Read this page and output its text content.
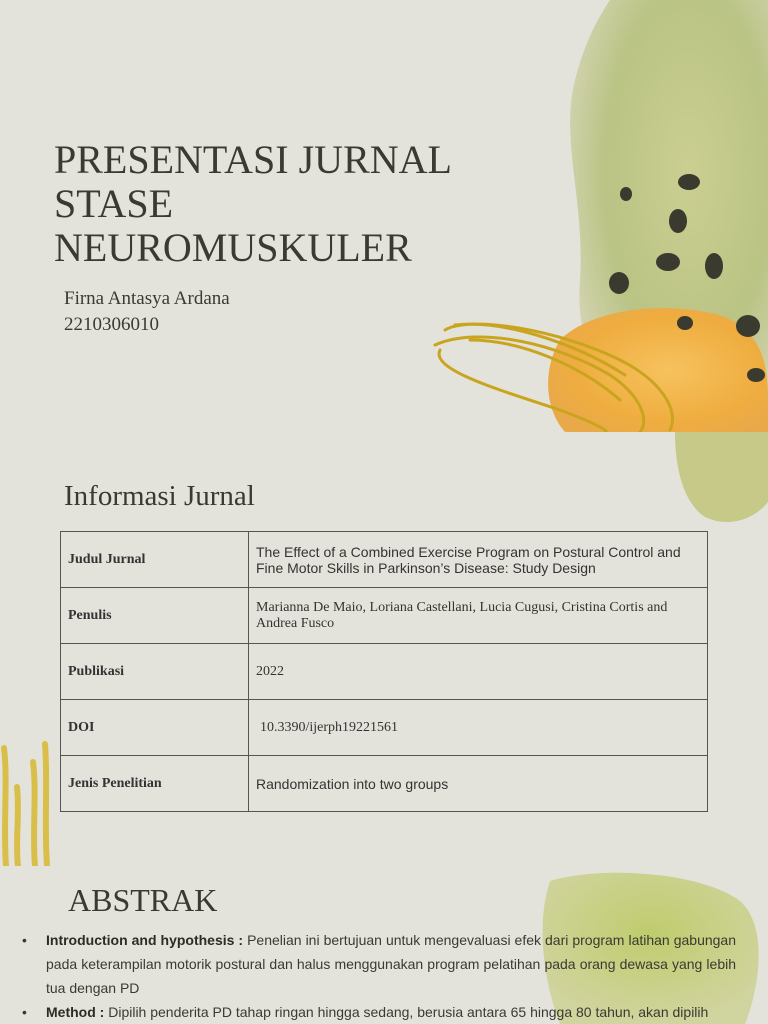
PRESENTASI JURNAL
STASE
NEUROMUSKULER
Firna Antasya Ardana
2210306010
Informasi Jurnal
Judul Jurnal	The Effect of a Combined Exercise Program on Postural Control and Fine Motor Skills in Parkinson’s Disease: Study Design
Penulis	Marianna De Maio, Loriana Castellani, Lucia Cugusi, Cristina Cortis and Andrea Fusco
Publikasi	2022
DOI	10.3390/ijerph19221561
Jenis Penelitian	Randomization into two groups
ABSTRAK
• Introduction and hypothesis : Penelian ini bertujuan untuk mengevaluasi efek dari program latihan gabungan pada keterampilan motorik postural dan halus menggunakan program pelatihan pada orang dewasa yang lebih tua dengan PD
• Method : Dipilih penderita PD tahap ringan hingga sedang, berusia antara 65 hingga 80 tahun, akan dipilih
